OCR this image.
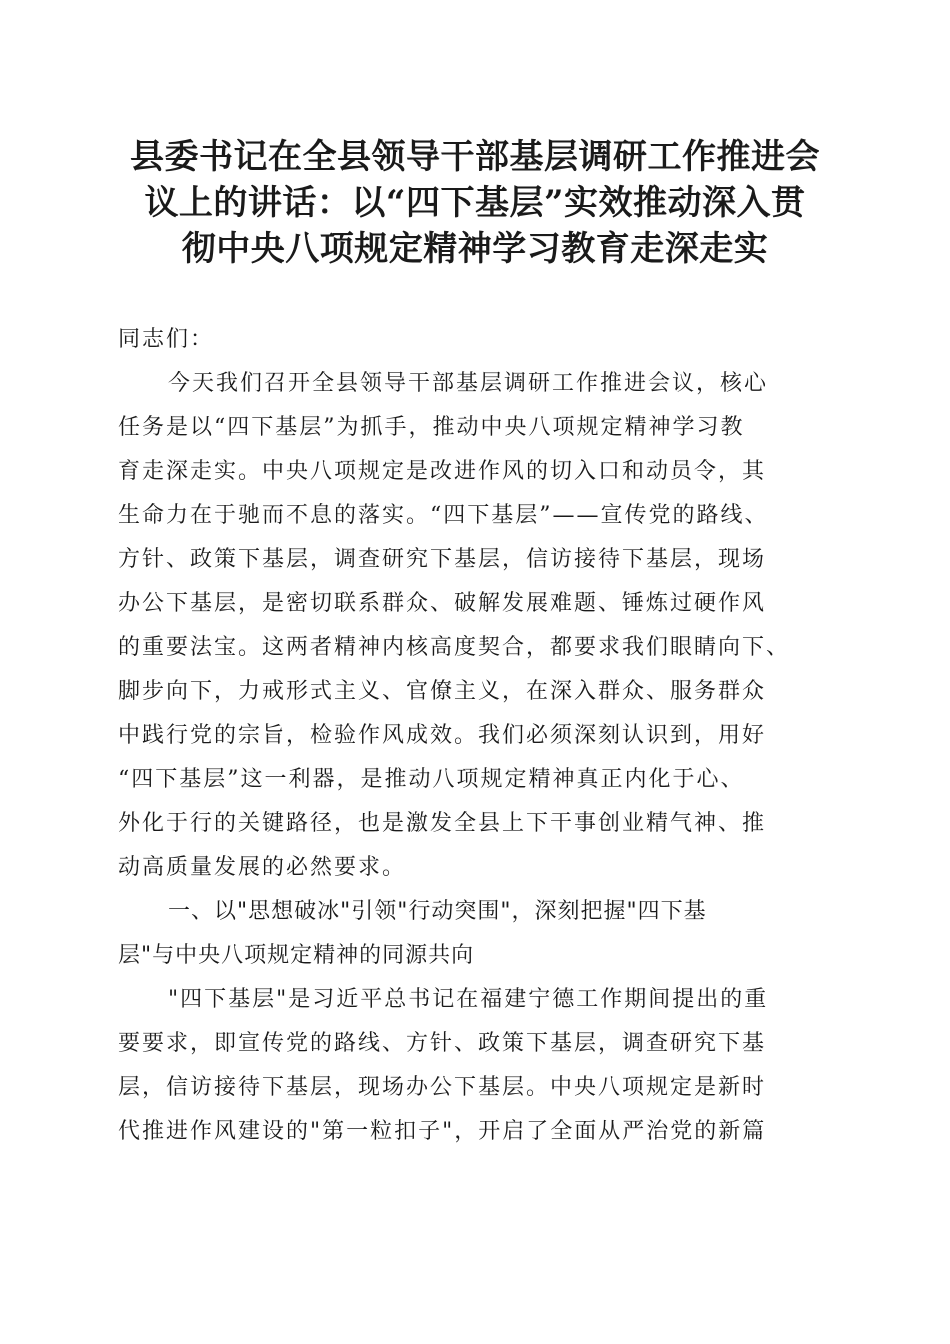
县委书记在全县领导干部基层调研工作推进会
议上的讲话：以“四下基层”实效推动深入贯
彻中央八项规定精神学习教育走深走实

同志们：

今天我们召开全县领导干部基层调研工作推进会议，核心
任务是以“四下基层”为抓手，推动中央八项规定精神学习教
育走深走实。中央八项规定是改进作风的切入口和动员令，其
生命力在于驰而不息的落实。“四下基层”——宣传党的路线、
方针、政策下基层，调查研究下基层，信访接待下基层，现场
办公下基层，是密切联系群众、破解发展难题、锤炼过硬作风
的重要法宝。这两者精神内核高度契合，都要求我们眼睛向下、
脚步向下，力戒形式主义、官僚主义，在深入群众、服务群众
中践行党的宗旨，检验作风成效。我们必须深刻认识到，用好
“四下基层”这一利器，是推动八项规定精神真正内化于心、
外化于行的关键路径，也是激发全县上下干事创业精气神、推
动高质量发展的必然要求。

一、以"思想破冰"引领"行动突围"，深刻把握"四下基
层"与中央八项规定精神的同源共向

"四下基层"是习近平总书记在福建宁德工作期间提出的重
要要求，即宣传党的路线、方针、政策下基层，调查研究下基
层，信访接待下基层，现场办公下基层。中央八项规定是新时
代推进作风建设的"第一粒扣子"，开启了全面从严治党的新篇
